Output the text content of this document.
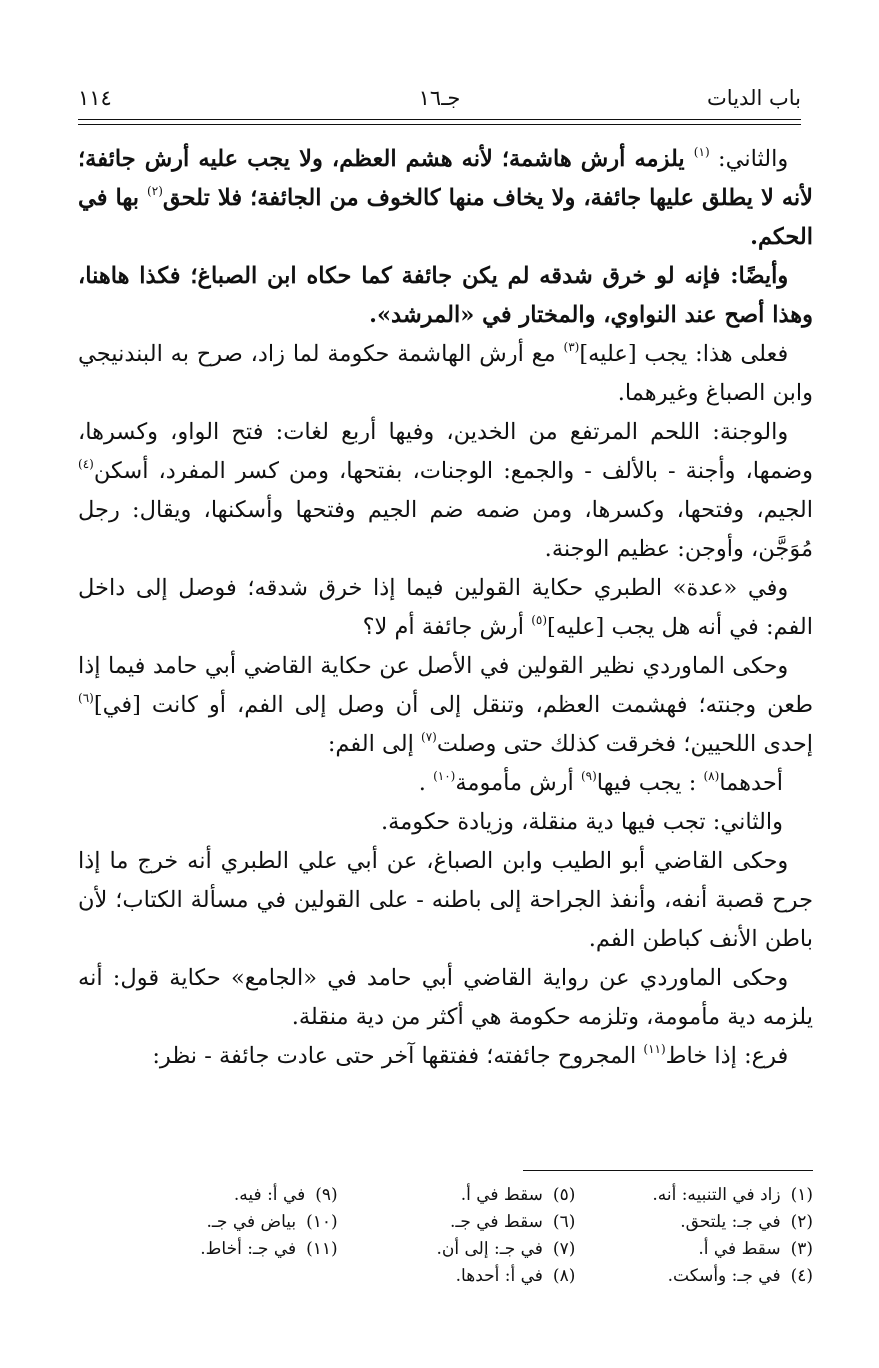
باب الديات
جـ١٦
١١٤

والثاني: $^{(١)}$ يلزمه أرش هاشمة؛ لأنه هشم العظم، ولا يجب عليه أرش جائفة؛ لأنه لا يطلق عليها جائفة، ولا يخاف منها كالخوف من الجائفة؛ فلا تلحق$^{(٢)}$ بها في الحكم.

وأيضًا: فإنه لو خرق شدقه لم يكن جائفة كما حكاه ابن الصباغ؛ فكذا هاهنا، وهذا أصح عند النواوي، والمختار في «المرشد».

فعلى هذا: يجب [عليه]$^{(٣)}$ مع أرش الهاشمة حكومة لما زاد، صرح به البندنيجي وابن الصباغ وغيرهما.

والوجنة: اللحم المرتفع من الخدين، وفيها أربع لغات: فتح الواو، وكسرها، وضمها، وأجنة - بالألف - والجمع: الوجنات، بفتحها، ومن كسر المفرد، أسكن$^{(٤)}$ الجيم، وفتحها، وكسرها، ومن ضمه ضم الجيم وفتحها وأسكنها، ويقال: رجل مُوَجَّن، وأوجن: عظيم الوجنة.

وفي «عدة» الطبري حكاية القولين فيما إذا خرق شدقه؛ فوصل إلى داخل الفم: في أنه هل يجب [عليه]$^{(٥)}$ أرش جائفة أم لا؟

وحكى الماوردي نظير القولين في الأصل عن حكاية القاضي أبي حامد فيما إذا طعن وجنته؛ فهشمت العظم، وتنقل إلى أن وصل إلى الفم، أو كانت [في]$^{(٦)}$ إحدى اللحيين؛ فخرقت كذلك حتى وصلت$^{(٧)}$ إلى الفم:

أحدهما$^{(٨)}$ : يجب فيها$^{(٩)}$ أرش مأمومة$^{(١٠)}$ .

والثاني: تجب فيها دية منقلة، وزيادة حكومة.

وحكى القاضي أبو الطيب وابن الصباغ، عن أبي علي الطبري أنه خرج ما إذا جرح قصبة أنفه، وأنفذ الجراحة إلى باطنه - على القولين في مسألة الكتاب؛ لأن باطن الأنف كباطن الفم.

وحكى الماوردي عن رواية القاضي أبي حامد في «الجامع» حكاية قول: أنه يلزمه دية مأمومة، وتلزمه حكومة هي أكثر من دية منقلة.

فرع: إذا خاط$^{(١١)}$ المجروح جائفته؛ ففتقها آخر حتى عادت جائفة - نظر:

(١)زاد في التنبيه: أنه.
(٢)في جـ: يلتحق.
(٣)سقط في أ.
(٤)في جـ: وأسكت.
(٥)سقط في أ.
(٦)سقط في جـ.
(٧)في جـ: إلى أن.
(٨)في أ: أحدها.
(٩)في أ: فيه.
(١٠)بياض في جـ.
(١١)في جـ: أخاط.
